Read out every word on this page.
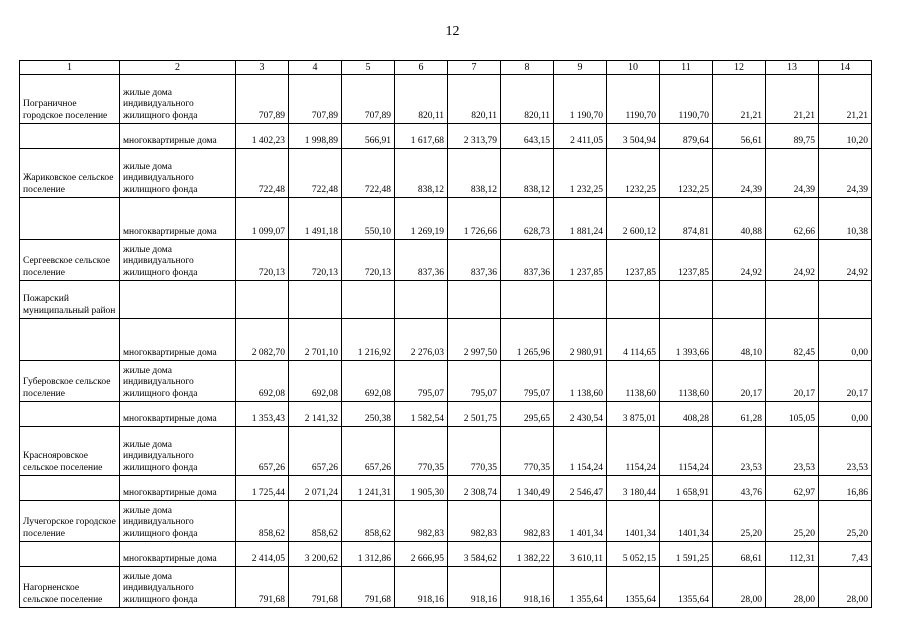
12
1	2	3	4	5	6	7	8	9	10	11	12	13	14
Пограничное городское поселение	жилые дома индивидуального жилищного фонда	707,89	707,89	707,89	820,11	820,11	820,11	1 190,70	1190,70	1190,70	21,21	21,21	21,21
	многоквартирные дома	1 402,23	1 998,89	566,91	1 617,68	2 313,79	643,15	2 411,05	3 504,94	879,64	56,61	89,75	10,20
Жариковское сельское поселение	жилые дома индивидуального жилищного фонда	722,48	722,48	722,48	838,12	838,12	838,12	1 232,25	1232,25	1232,25	24,39	24,39	24,39
	многоквартирные дома	1 099,07	1 491,18	550,10	1 269,19	1 726,66	628,73	1 881,24	2 600,12	874,81	40,88	62,66	10,38
Сергеевское сельское поселение	жилые дома индивидуального жилищного фонда	720,13	720,13	720,13	837,36	837,36	837,36	1 237,85	1237,85	1237,85	24,92	24,92	24,92
Пожарский муниципальный район													
	многоквартирные дома	2 082,70	2 701,10	1 216,92	2 276,03	2 997,50	1 265,96	2 980,91	4 114,65	1 393,66	48,10	82,45	0,00
Губеровское сельское поселение	жилые дома индивидуального жилищного фонда	692,08	692,08	692,08	795,07	795,07	795,07	1 138,60	1138,60	1138,60	20,17	20,17	20,17
	многоквартирные дома	1 353,43	2 141,32	250,38	1 582,54	2 501,75	295,65	2 430,54	3 875,01	408,28	61,28	105,05	0,00
Краснояровское сельское поселение	жилые дома индивидуального жилищного фонда	657,26	657,26	657,26	770,35	770,35	770,35	1 154,24	1154,24	1154,24	23,53	23,53	23,53
	многоквартирные дома	1 725,44	2 071,24	1 241,31	1 905,30	2 308,74	1 340,49	2 546,47	3 180,44	1 658,91	43,76	62,97	16,86
Лучегорское городское поселение	жилые дома индивидуального жилищного фонда	858,62	858,62	858,62	982,83	982,83	982,83	1 401,34	1401,34	1401,34	25,20	25,20	25,20
	многоквартирные дома	2 414,05	3 200,62	1 312,86	2 666,95	3 584,62	1 382,22	3 610,11	5 052,15	1 591,25	68,61	112,31	7,43
Нагорненское сельское поселение	жилые дома индивидуального жилищного фонда	791,68	791,68	791,68	918,16	918,16	918,16	1 355,64	1355,64	1355,64	28,00	28,00	28,00
